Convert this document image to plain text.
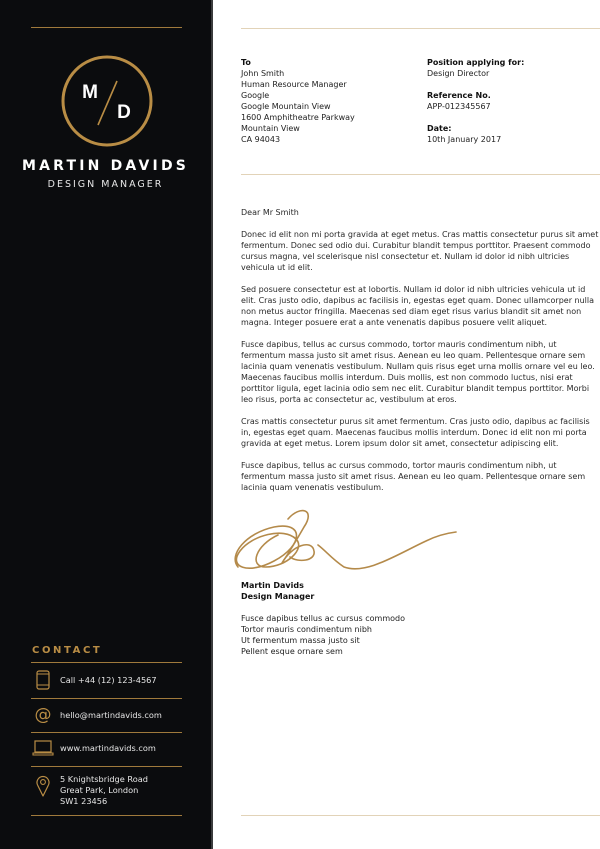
M
D
MARTIN DAVIDS
DESIGN MANAGER
CONTACT
Call +44 (12) 123-4567
@	hello@martindavids.com
www.martindavids.com
5 Knightsbridge Road
Great Park, London
SW1 23456
To
John Smith
Human Resource Manager
Google
Google Mountain View
1600 Amphitheatre Parkway
Mountain View
CA 94043
Position applying for:
Design Director
Reference No.
APP-012345567
Date:
10th January 2017

Dear Mr Smith

Donec id elit non mi porta gravida at eget metus. Cras mattis consectetur purus sit amet fermentum. Donec sed odio dui. Curabitur blandit tempus porttitor. Praesent commodo cursus magna, vel scelerisque nisl consectetur et. Nullam id dolor id nibh ultricies vehicula ut id elit.

Sed posuere consectetur est at lobortis. Nullam id dolor id nibh ultricies vehicula ut id elit. Cras justo odio, dapibus ac facilisis in, egestas eget quam. Donec ullamcorper nulla non metus auctor fringilla. Maecenas sed diam eget risus varius blandit sit amet non magna. Integer posuere erat a ante venenatis dapibus posuere velit aliquet.

Fusce dapibus, tellus ac cursus commodo, tortor mauris condimentum nibh, ut fermentum massa justo sit amet risus. Aenean eu leo quam. Pellentesque ornare sem lacinia quam venenatis vestibulum. Nullam quis risus eget urna mollis ornare vel eu leo. Maecenas faucibus mollis interdum. Duis mollis, est non commodo luctus, nisi erat porttitor ligula, eget lacinia odio sem nec elit. Curabitur blandit tempus porttitor. Morbi leo risus, porta ac consectetur ac, vestibulum at eros.

Cras mattis consectetur purus sit amet fermentum. Cras justo odio, dapibus ac facilisis in, egestas eget quam. Maecenas faucibus mollis interdum. Donec id elit non mi porta gravida at eget metus. Lorem ipsum dolor sit amet, consectetur adipiscing elit.

Fusce dapibus, tellus ac cursus commodo, tortor mauris condimentum nibh, ut fermentum massa justo sit amet risus. Aenean eu leo quam. Pellentesque ornare sem lacinia quam venenatis vestibulum.

Martin Davids
Design Manager
Fusce dapibus tellus ac cursus commodo
Tortor mauris condimentum nibh
Ut fermentum massa justo sit
Pellent esque ornare sem
